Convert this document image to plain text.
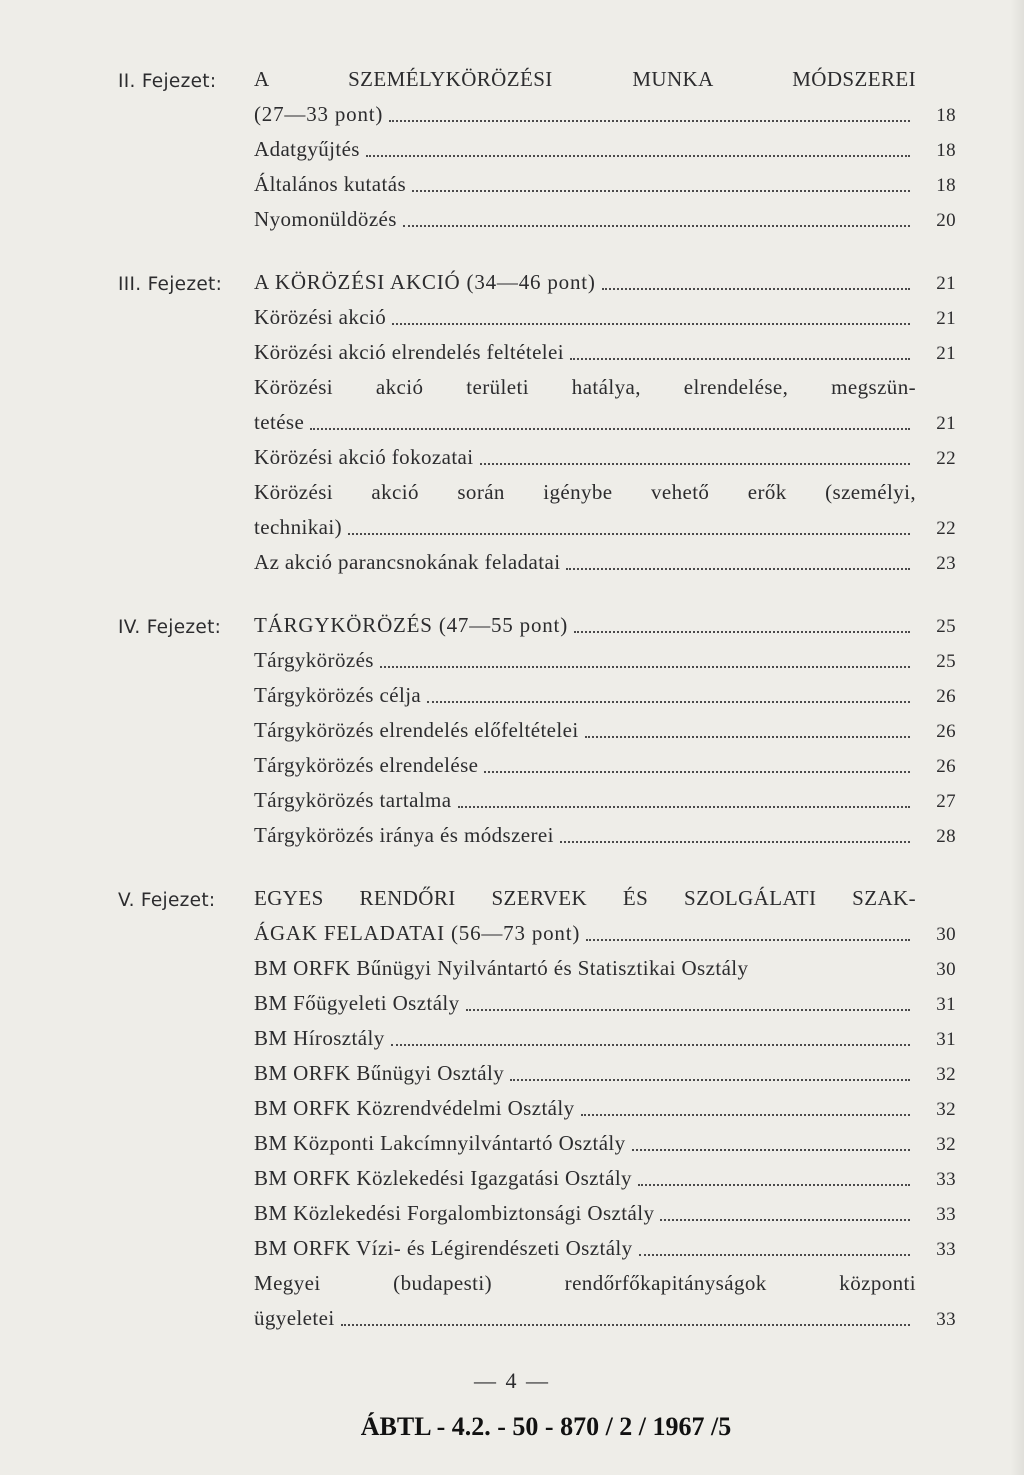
II. Fejezet:	A SZEMÉLYKÖRÖZÉSI MUNKA MÓDSZEREI
(27—33 pont)	18
Adatgyűjtés	18
Általános kutatás	18
Nyomonüldözés	20
III. Fejezet:	A KÖRÖZÉSI AKCIÓ (34—46 pont)	21
Körözési akció	21
Körözési akció elrendelés feltételei	21
Körözési akció területi hatálya, elrendelése, megszün-
tetése	21
Körözési akció fokozatai	22
Körözési akció során igénybe vehető erők (személyi,
technikai)	22
Az akció parancsnokának feladatai	23
IV. Fejezet:	TÁRGYKÖRÖZÉS (47—55 pont)	25
Tárgykörözés	25
Tárgykörözés célja	26
Tárgykörözés elrendelés előfeltételei	26
Tárgykörözés elrendelése	26
Tárgykörözés tartalma	27
Tárgykörözés iránya és módszerei	28
V. Fejezet:	EGYES RENDŐRI SZERVEK ÉS SZOLGÁLATI SZAK-
ÁGAK FELADATAI (56—73 pont)	30
BM ORFK Bűnügyi Nyilvántartó és Statisztikai Osztály	30
BM Főügyeleti Osztály	31
BM Hírosztály	31
BM ORFK Bűnügyi Osztály	32
BM ORFK Közrendvédelmi Osztály	32
BM Központi Lakcímnyilvántartó Osztály	32
BM ORFK Közlekedési Igazgatási Osztály	33
BM Közlekedési Forgalombiztonsági Osztály	33
BM ORFK Vízi- és Légirendészeti Osztály	33
Megyei (budapesti) rendőrfőkapitányságok központi
ügyeletei	33
— 4 —
ÁBTL - 4.2. - 50 - 870 / 2 / 1967 /5
